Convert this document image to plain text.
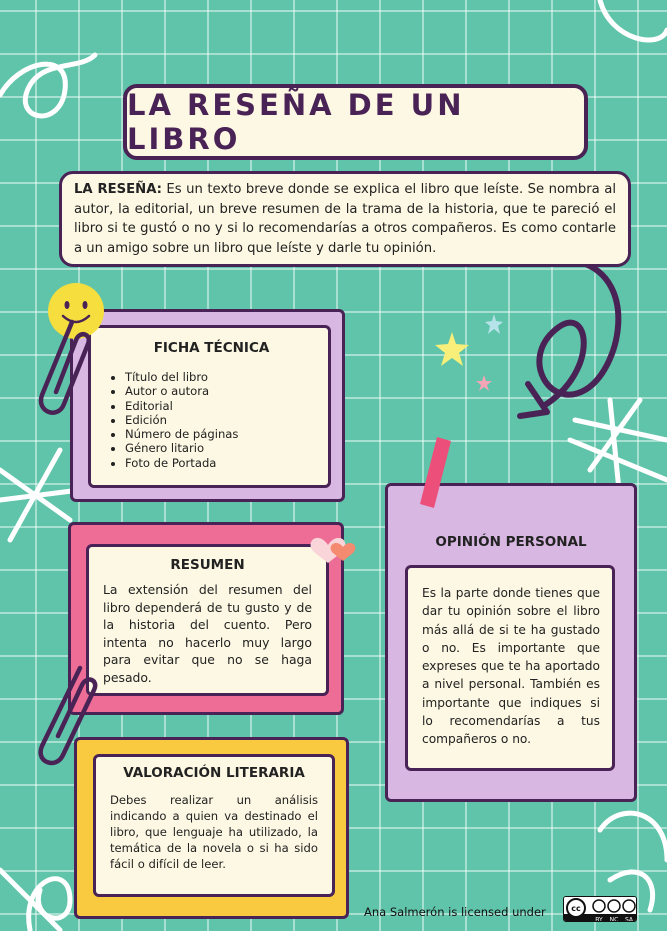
LA RESEÑA DE UN LIBRO
LA RESEÑA: Es un texto breve donde se explica el libro que leíste. Se nombra al autor, la editorial, un breve resumen de la trama de la historia, que te pareció el libro si te gustó o no y si lo recomendarías a otros compañeros. Es como contarle a un amigo sobre un libro que leíste y darle tu opinión.
FICHA TÉCNICA
• Título del libro
• Autor o autora
• Editorial
• Edición
• Número de páginas
• Género litario
• Foto de Portada
RESUMEN

La extensión del resumen del libro dependerá de tu gusto y de la historia del cuento. Pero intenta no hacerlo muy largo para evitar que no se haga pesado.

VALORACIÓN LITERARIA

Debes realizar un análisis indicando a quien va destinado el libro, que lenguaje ha utilizado, la temática de la novela o si ha sido fácil o difícil de leer.

OPINIÓN PERSONAL

Es la parte donde tienes que dar tu opinión sobre el libro más allá de si te ha gustado o no. Es importante que expreses que te ha aportado a nivel personal. También es importante que indiques si lo recomendarías a tus compañeros o no.

Ana Salmerón is licensed under	cc
BY NC SA
